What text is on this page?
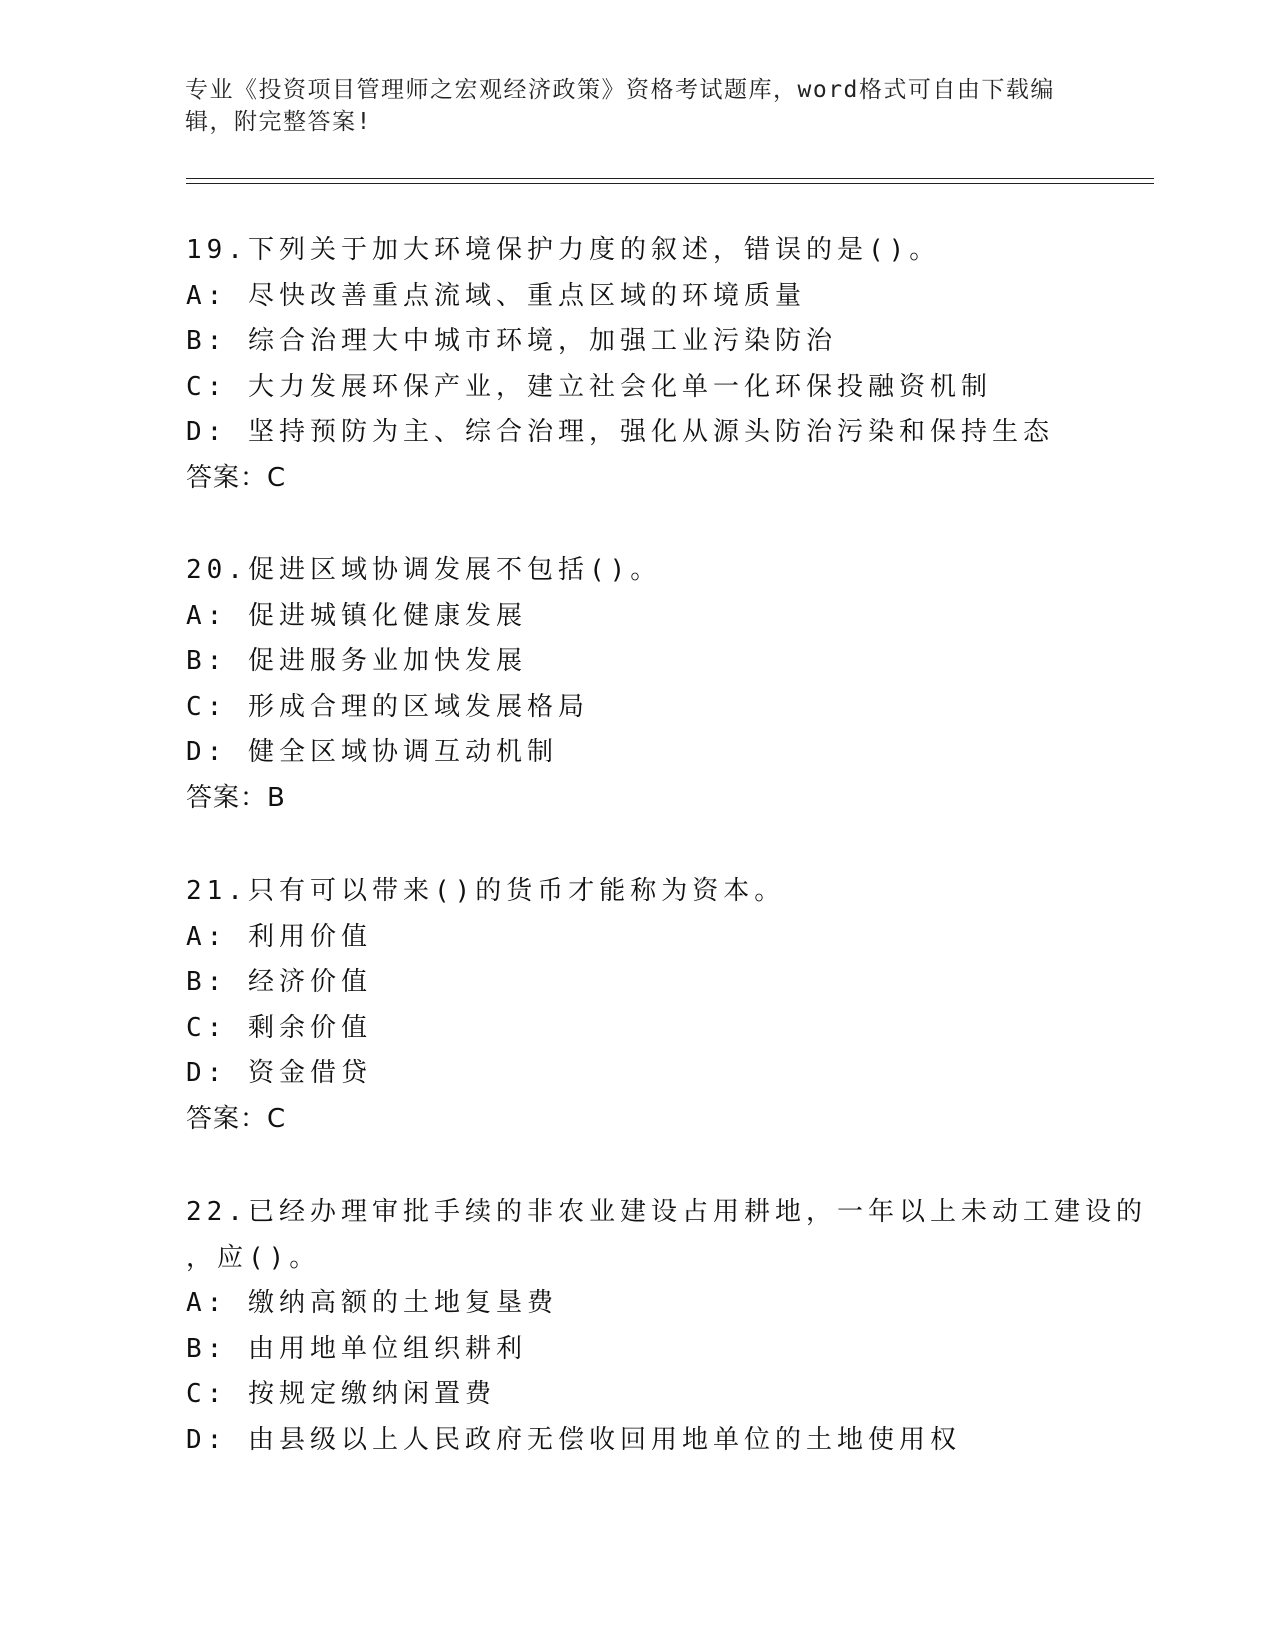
专业《投资项目管理师之宏观经济政策》资格考试题库，word格式可自由下载编
辑，附完整答案!
19.下列关于加大环境保护力度的叙述，错误的是()。
A: 尽快改善重点流域、重点区域的环境质量
B: 综合治理大中城市环境，加强工业污染防治
C: 大力发展环保产业，建立社会化单一化环保投融资机制
D: 坚持预防为主、综合治理，强化从源头防治污染和保持生态
答案：C
20.促进区域协调发展不包括()。
A: 促进城镇化健康发展
B: 促进服务业加快发展
C: 形成合理的区域发展格局
D: 健全区域协调互动机制
答案：B
21.只有可以带来()的货币才能称为资本。
A: 利用价值
B: 经济价值
C: 剩余价值
D: 资金借贷
答案：C
22.已经办理审批手续的非农业建设占用耕地，一年以上未动工建设的
，应()。
A: 缴纳高额的土地复垦费
B: 由用地单位组织耕利
C: 按规定缴纳闲置费
D: 由县级以上人民政府无偿收回用地单位的土地使用权
